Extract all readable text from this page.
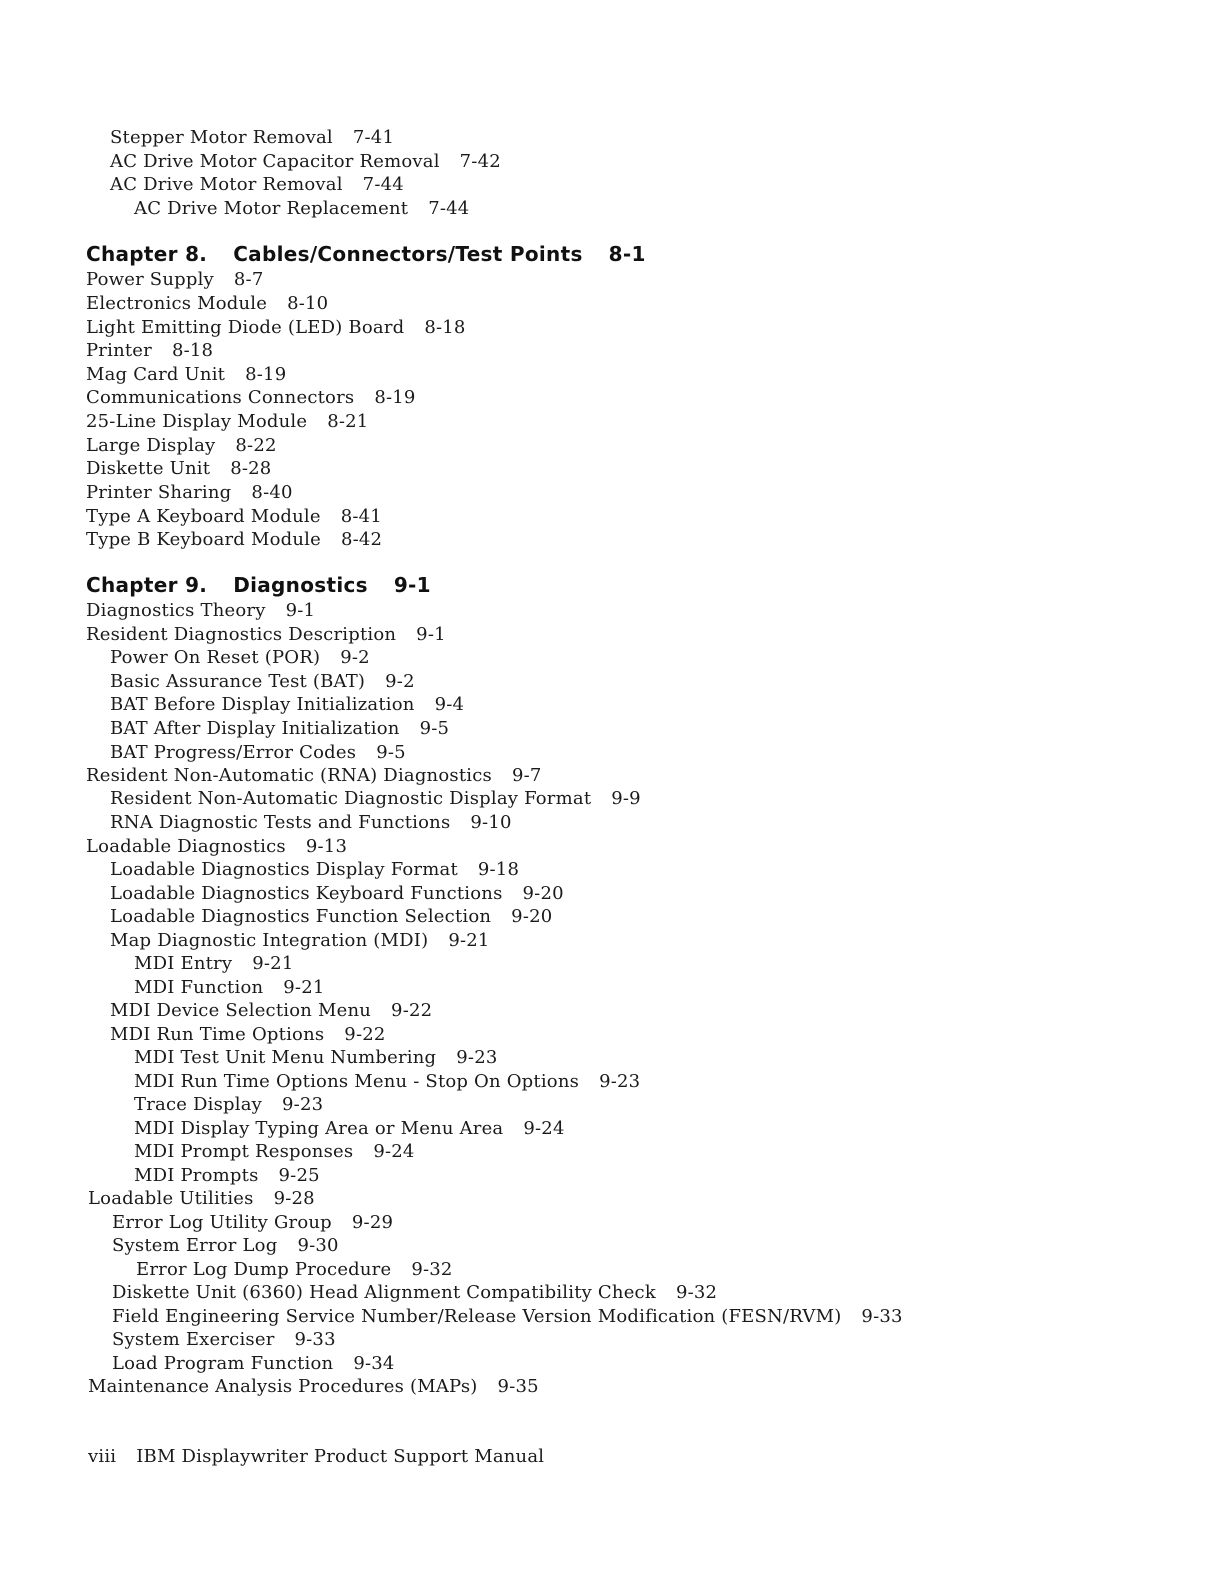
Stepper Motor Removal 7-41
AC Drive Motor Capacitor Removal 7-42
AC Drive Motor Removal 7-44
AC Drive Motor Replacement 7-44
Chapter 8. Cables/Connectors/Test Points 8-1
Power Supply 8-7
Electronics Module 8-10
Light Emitting Diode (LED) Board 8-18
Printer 8-18
Mag Card Unit 8-19
Communications Connectors 8-19
25-Line Display Module 8-21
Large Display 8-22
Diskette Unit 8-28
Printer Sharing 8-40
Type A Keyboard Module 8-41
Type B Keyboard Module 8-42
Chapter 9. Diagnostics 9-1
Diagnostics Theory 9-1
Resident Diagnostics Description 9-1
Power On Reset (POR) 9-2
Basic Assurance Test (BAT) 9-2
BAT Before Display Initialization 9-4
BAT After Display Initialization 9-5
BAT Progress/Error Codes 9-5
Resident Non-Automatic (RNA) Diagnostics 9-7
Resident Non-Automatic Diagnostic Display Format 9-9
RNA Diagnostic Tests and Functions 9-10
Loadable Diagnostics 9-13
Loadable Diagnostics Display Format 9-18
Loadable Diagnostics Keyboard Functions 9-20
Loadable Diagnostics Function Selection 9-20
Map Diagnostic Integration (MDI) 9-21
MDI Entry 9-21
MDI Function 9-21
MDI Device Selection Menu 9-22
MDI Run Time Options 9-22
MDI Test Unit Menu Numbering 9-23
MDI Run Time Options Menu - Stop On Options 9-23
Trace Display 9-23
MDI Display Typing Area or Menu Area 9-24
MDI Prompt Responses 9-24
MDI Prompts 9-25
Loadable Utilities 9-28
Error Log Utility Group 9-29
System Error Log 9-30
Error Log Dump Procedure 9-32
Diskette Unit (6360) Head Alignment Compatibility Check 9-32
Field Engineering Service Number/Release Version Modification (FESN/RVM) 9-33
System Exerciser 9-33
Load Program Function 9-34
Maintenance Analysis Procedures (MAPs) 9-35
viii IBM Displaywriter Product Support Manual
